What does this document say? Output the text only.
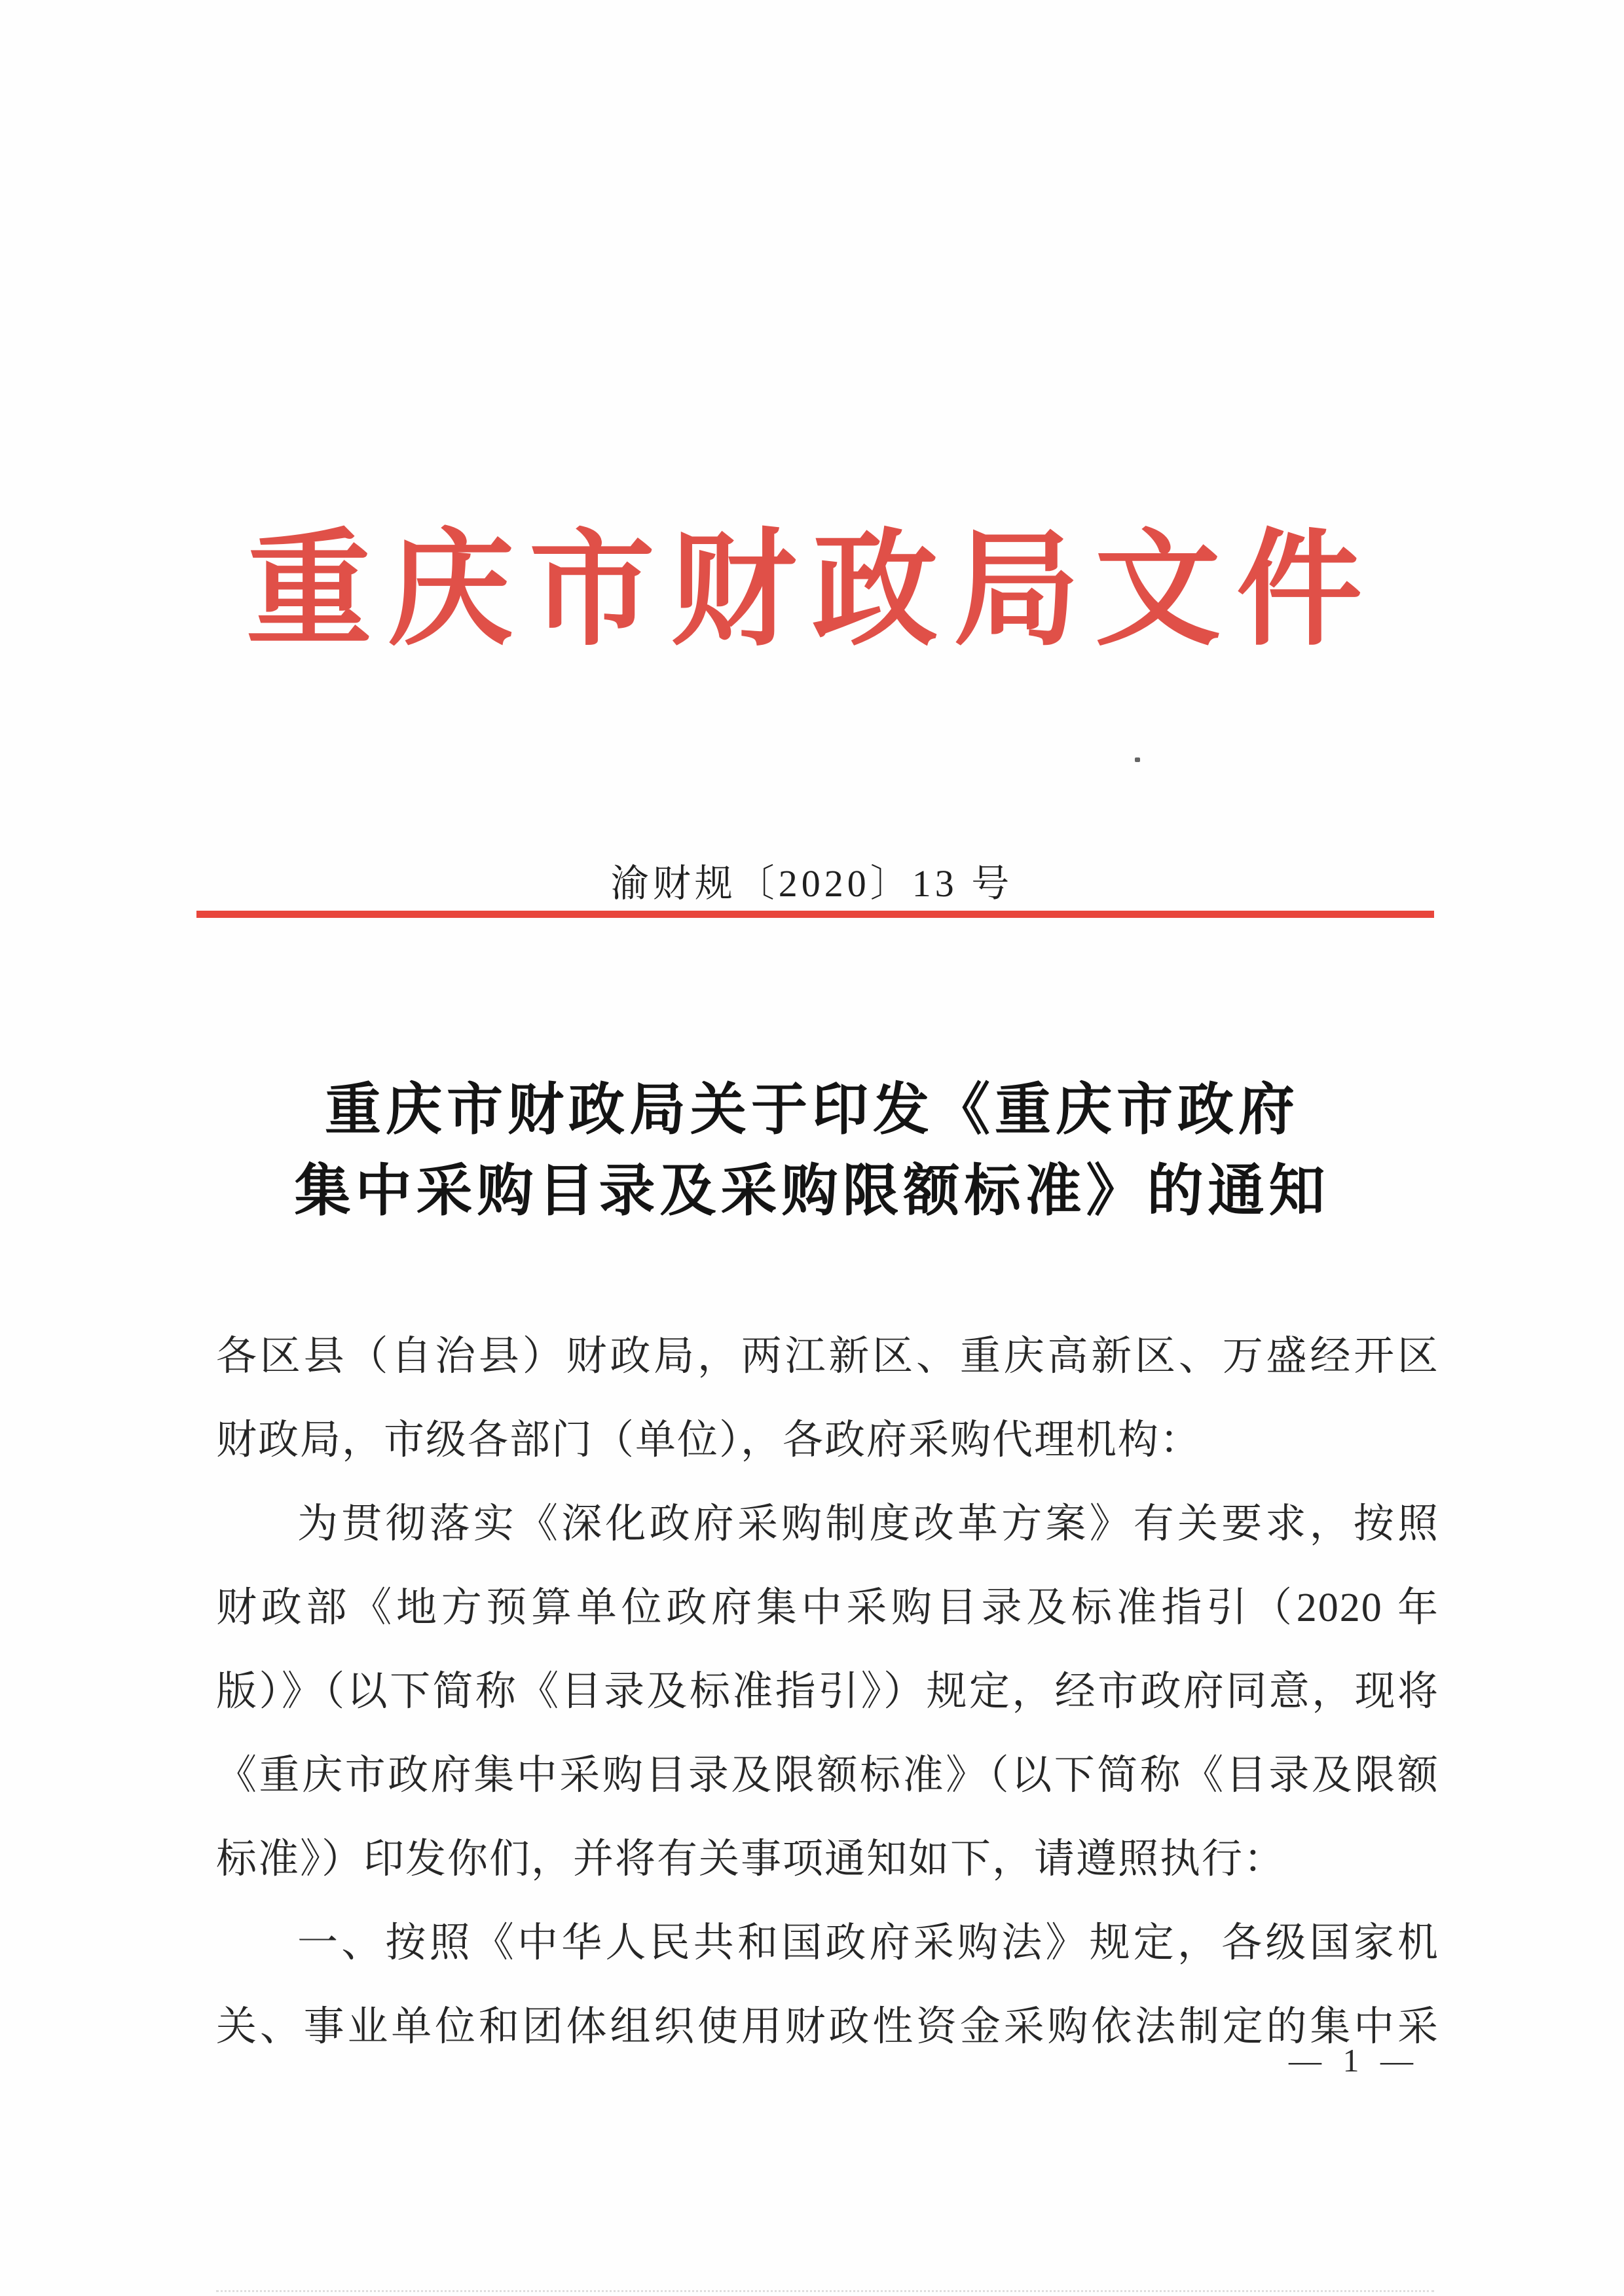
重庆市财政局文件
渝财规〔2020〕13 号
重庆市财政局关于印发《重庆市政府
集中采购目录及采购限额标准》的通知

各区县（自治县）财政局，两江新区、重庆高新区、万盛经开区

财政局，市级各部门（单位），各政府采购代理机构：

为贯彻落实《深化政府采购制度改革方案》有关要求，按照

财政部《地方预算单位政府集中采购目录及标准指引（2020 年

版）》（以下简称《目录及标准指引》）规定，经市政府同意，现将

《重庆市政府集中采购目录及限额标准》（以下简称《目录及限额

标准》）印发你们，并将有关事项通知如下，请遵照执行：

一、按照《中华人民共和国政府采购法》规定，各级国家机

关、事业单位和团体组织使用财政性资金采购依法制定的集中采

— 1 —
